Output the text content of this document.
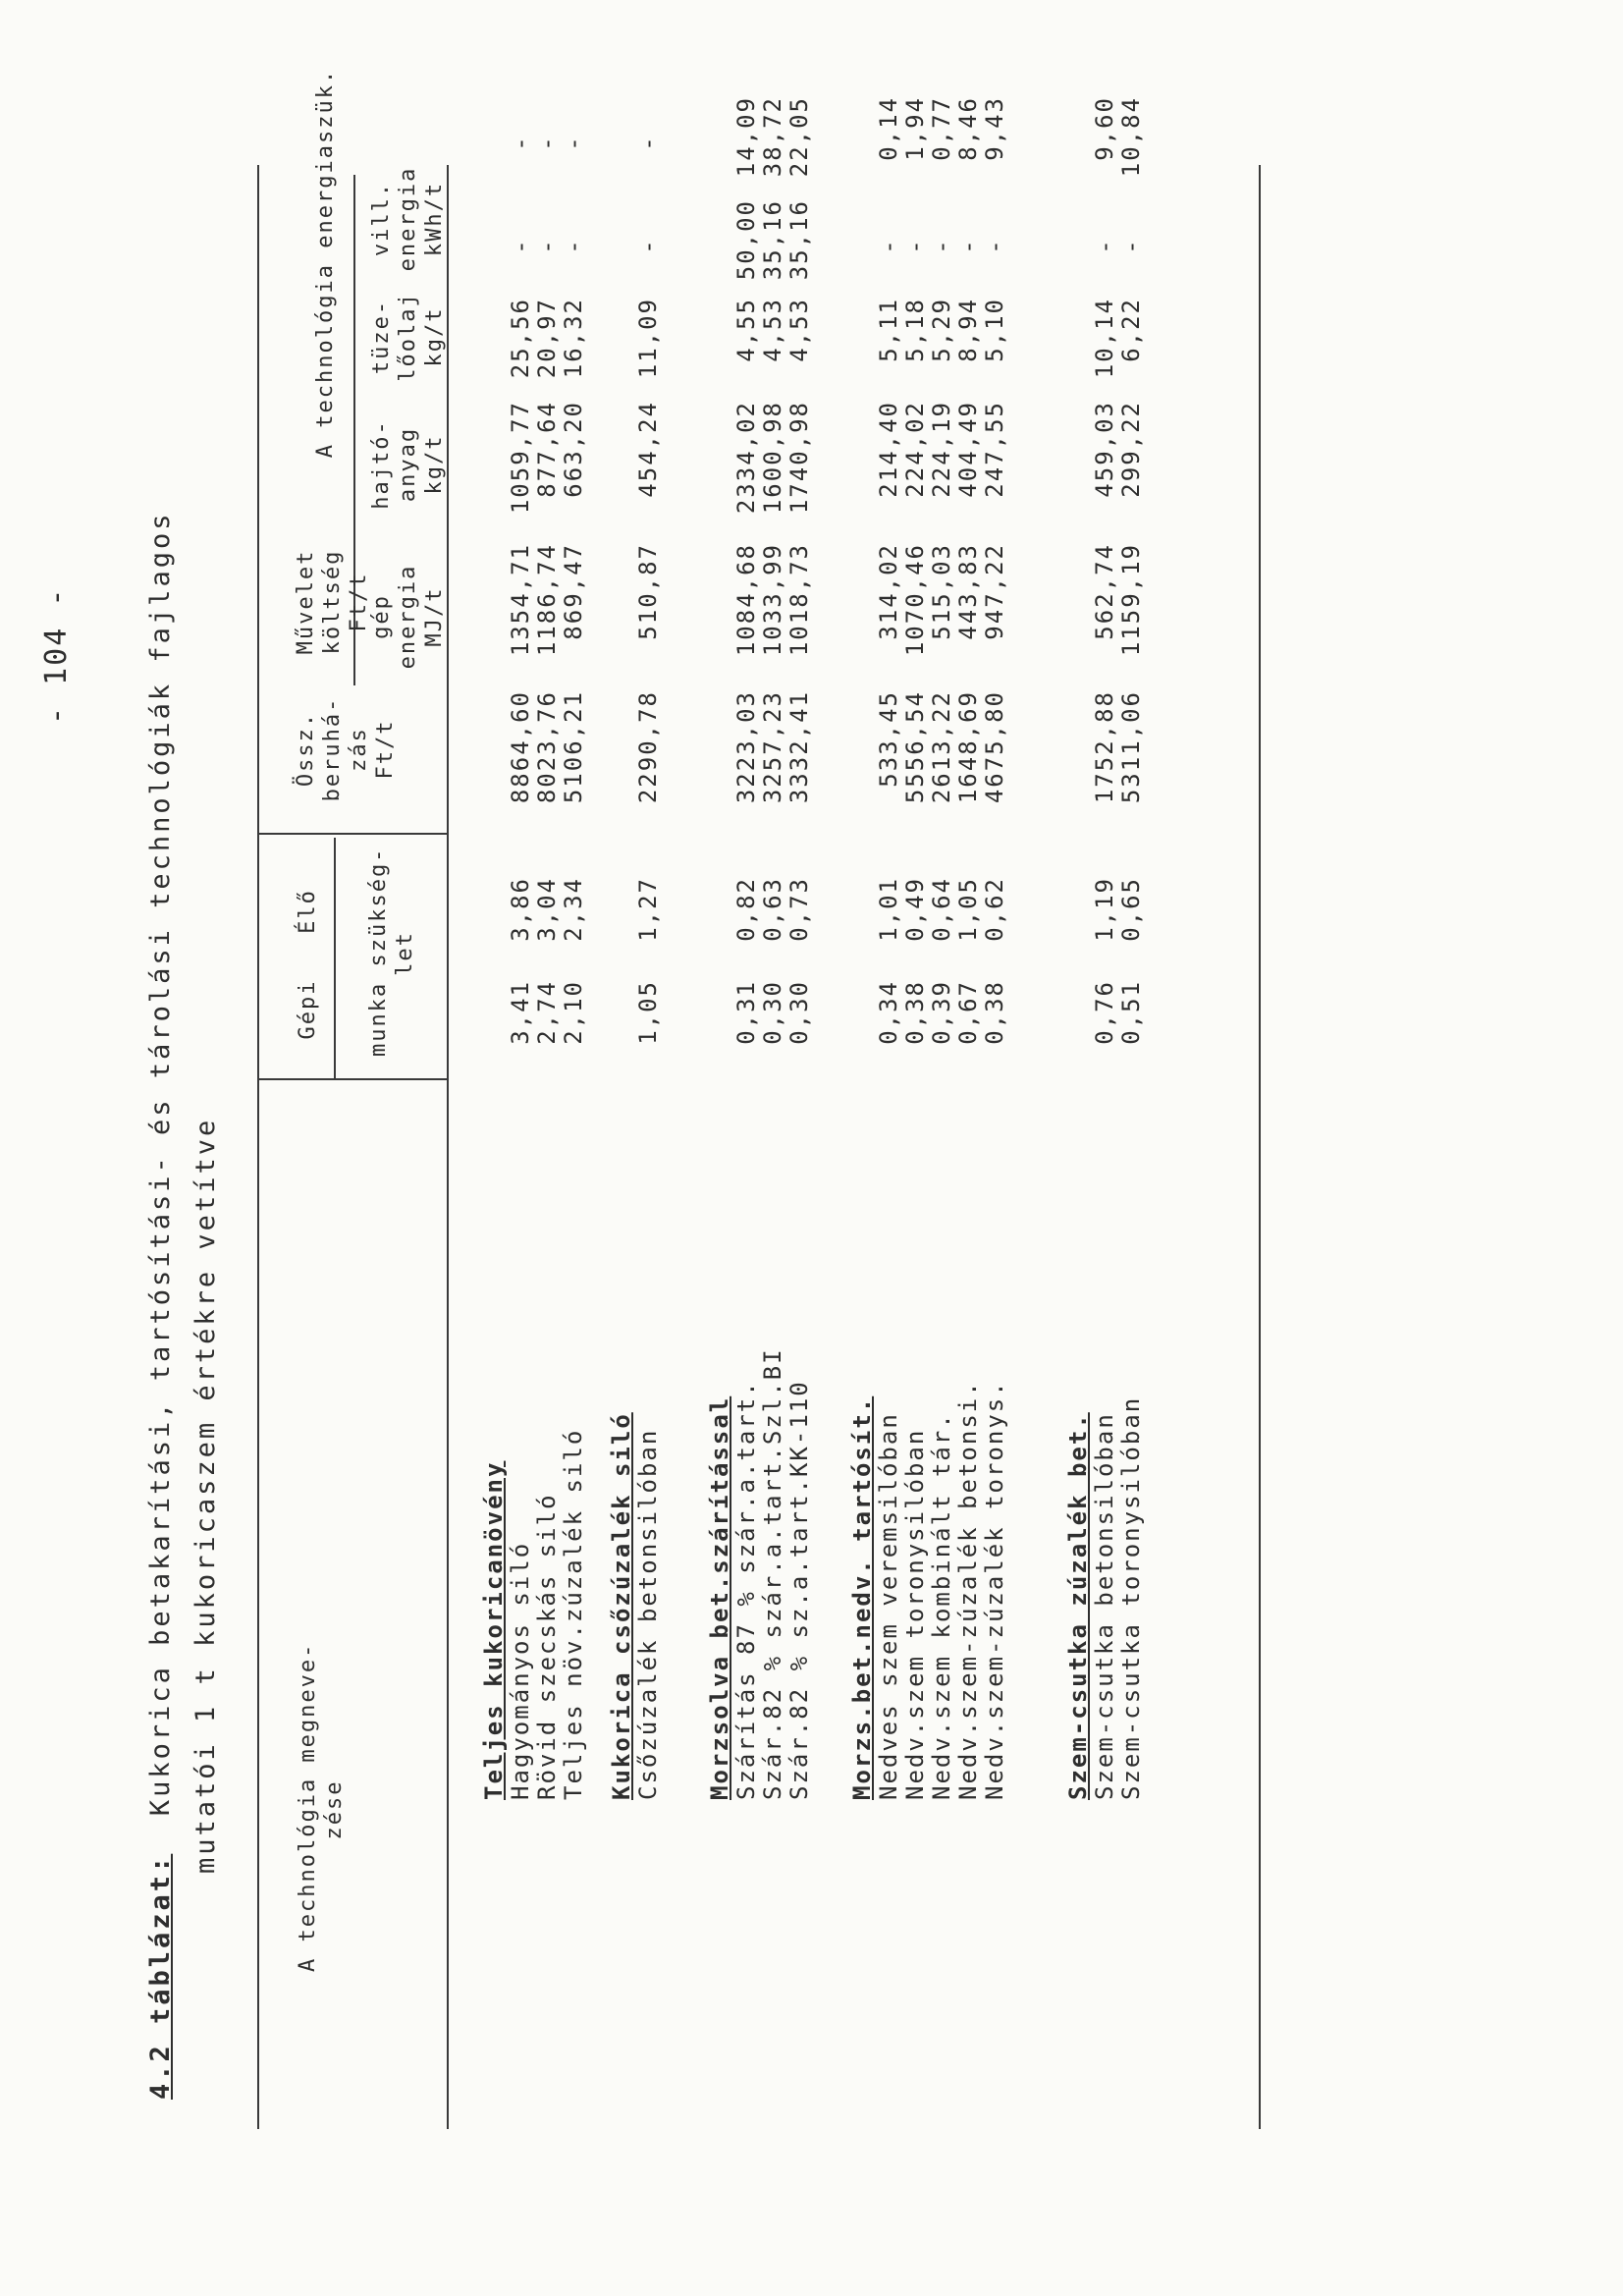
- 104 -
4.2 táblázat:  Kukorica betakarítási, tartósítási- és tárolási technológiák fajlagos mutatói 1 t kukoricaszem értékre vetítve
A technológia megneve-
zése
Gépi
Élő
munka szükség-
let
Össz.
beruhá-
zás
Ft/t
Művelet
költség
Ft/t
A technológia energiaszük.
gép
energia
MJ/t
hajtó-
anyag
kg/t
tüze-
lőolaj
kg/t
vill.
energia
kWh/t
Teljes kukoricanövény Hagyományos siló
3,41
3,86
8864,60
1354,71
1059,77
25,56
-
-
Rövid szecskás siló
2,74
3,04
8023,76
1186,74
877,64
20,97
-
-
Teljes növ.zúzalék siló
2,10
2,34
5106,21
869,47
663,20
16,32
-
-
Kukorica csőzúzalék siló Csőzúzalék betonsilóban
1,05
1,27
2290,78
510,87
454,24
11,09
-
-
Morzsolva bet.szárítással Szárítás 87 % szár.a.tart.
0,31
0,82
3223,03
1084,68
2334,02
4,55
50,00
14,09
Szár.82 % szár.a.tart.Szl.BI
0,30
0,63
3257,23
1033,99
1600,98
4,53
35,16
38,72
Szár.82 % sz.a.tart.KK-110
0,30
0,73
3332,41
1018,73
1740,98
4,53
35,16
22,05
Morzs.bet.nedv. tartósít. Nedves szem veremsilóban
0,34
1,01
533,45
314,02
214,40
5,11
-
0,14
Nedv.szem toronysilóban
0,38
0,49
5556,54
1070,46
224,02
5,18
-
1,94
Nedv.szem kombinált tár.
0,39
0,64
2613,22
515,03
224,19
5,29
-
0,77
Nedv.szem-zúzalék betonsi.
0,67
1,05
1648,69
443,83
404,49
8,94
-
8,46
Nedv.szem-zúzalék toronys.
0,38
0,62
4675,80
947,22
247,55
5,10
-
9,43
Szem-csutka zúzalék bet. Szem-csutka betonsilóban
0,76
1,19
1752,88
562,74
459,03
10,14
-
9,60
Szem-csutka toronysilóban
0,51
0,65
5311,06
1159,19
299,22
6,22
-
10,84
